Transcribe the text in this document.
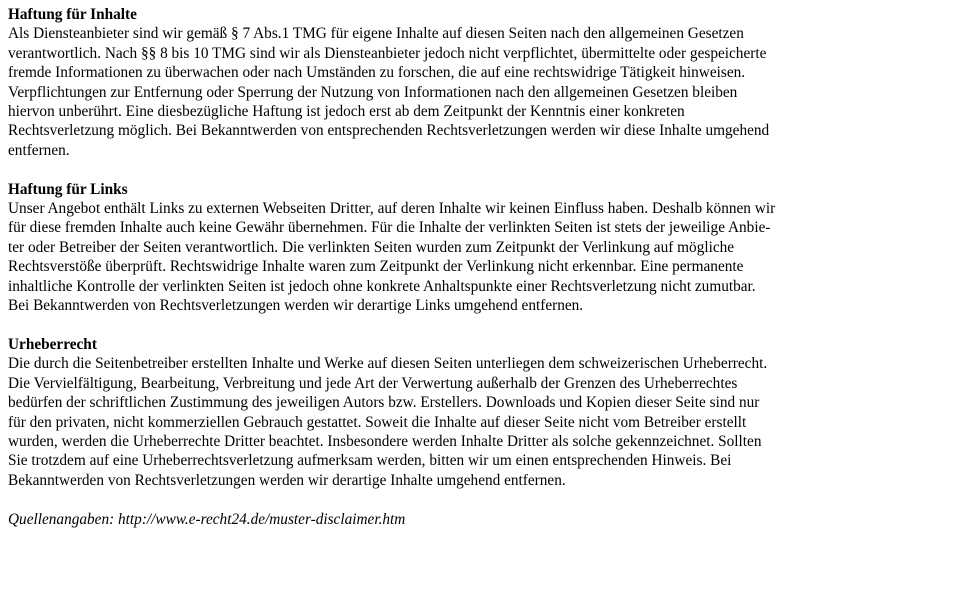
Haftung für Inhalte
Als Diensteanbieter sind wir gemäß § 7 Abs.1 TMG für eigene Inhalte auf diesen Seiten nach den allgemeinen Gesetzen
verantwortlich. Nach §§ 8 bis 10 TMG sind wir als Diensteanbieter jedoch nicht verpflichtet, übermittelte oder gespeicherte
fremde Informationen zu überwachen oder nach Umständen zu forschen, die auf eine rechtswidrige Tätigkeit hinweisen.
Verpflichtungen zur Entfernung oder Sperrung der Nutzung von Informationen nach den allgemeinen Gesetzen bleiben
hiervon unberührt. Eine diesbezügliche Haftung ist jedoch erst ab dem Zeitpunkt der Kenntnis einer konkreten
Rechtsverletzung möglich. Bei Bekanntwerden von entsprechenden Rechtsverletzungen werden wir diese Inhalte umgehend
entfernen.
Haftung für Links
Unser Angebot enthält Links zu externen Webseiten Dritter, auf deren Inhalte wir keinen Einfluss haben. Deshalb können wir
für diese fremden Inhalte auch keine Gewähr übernehmen. Für die Inhalte der verlinkten Seiten ist stets der jeweilige Anbie-
ter oder Betreiber der Seiten verantwortlich. Die verlinkten Seiten wurden zum Zeitpunkt der Verlinkung auf mögliche
Rechtsverstöße überprüft. Rechtswidrige Inhalte waren zum Zeitpunkt der Verlinkung nicht erkennbar. Eine permanente
inhaltliche Kontrolle der verlinkten Seiten ist jedoch ohne konkrete Anhaltspunkte einer Rechtsverletzung nicht zumutbar.
Bei Bekanntwerden von Rechtsverletzungen werden wir derartige Links umgehend entfernen.
Urheberrecht
Die durch die Seitenbetreiber erstellten Inhalte und Werke auf diesen Seiten unterliegen dem schweizerischen Urheberrecht.
Die Vervielfältigung, Bearbeitung, Verbreitung und jede Art der Verwertung außerhalb der Grenzen des Urheberrechtes
bedürfen der schriftlichen Zustimmung des jeweiligen Autors bzw. Erstellers. Downloads und Kopien dieser Seite sind nur
für den privaten, nicht kommerziellen Gebrauch gestattet. Soweit die Inhalte auf dieser Seite nicht vom Betreiber erstellt
wurden, werden die Urheberrechte Dritter beachtet. Insbesondere werden Inhalte Dritter als solche gekennzeichnet. Sollten
Sie trotzdem auf eine Urheberrechtsverletzung aufmerksam werden, bitten wir um einen entsprechenden Hinweis. Bei
Bekanntwerden von Rechtsverletzungen werden wir derartige Inhalte umgehend entfernen.
Quellenangaben: http://www.e-recht24.de/muster-disclaimer.htm
